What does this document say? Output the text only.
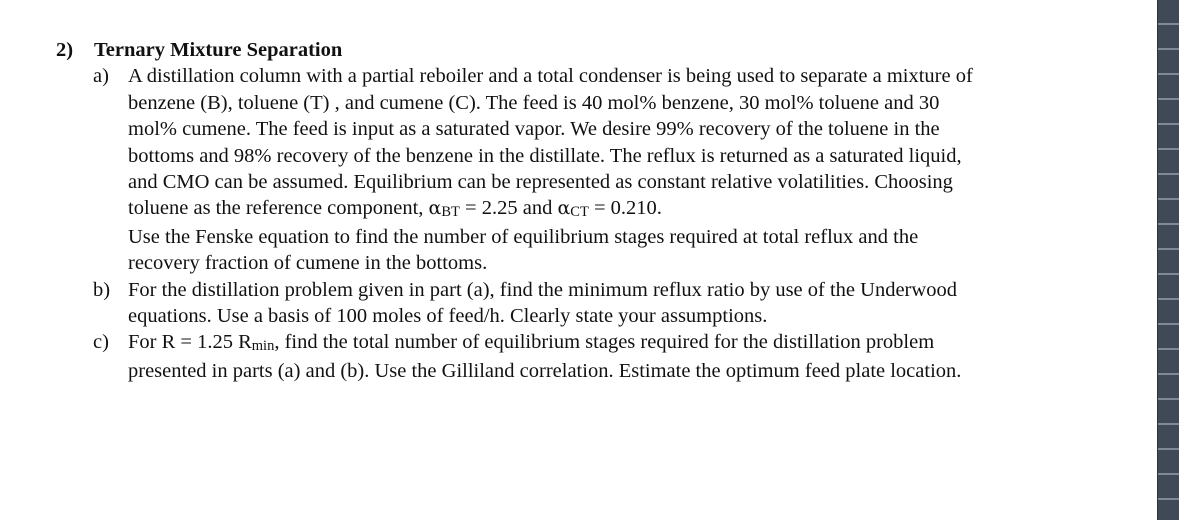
2)	Ternary Mixture Separation
a) A distillation column with a partial reboiler and a total condenser is being used to separate a mixture of
benzene (B), toluene (T) , and cumene (C). The feed is 40 mol% benzene, 30 mol% toluene and 30
mol% cumene. The feed is input as a saturated vapor. We desire 99% recovery of the toluene in the
bottoms and 98% recovery of the benzene in the distillate. The reflux is returned as a saturated liquid,
and CMO can be assumed. Equilibrium can be represented as constant relative volatilities. Choosing
toluene as the reference component, αBT = 2.25 and αCT = 0.210.
Use the Fenske equation to find the number of equilibrium stages required at total reflux and the
recovery fraction of cumene in the bottoms.
b) For the distillation problem given in part (a), find the minimum reflux ratio by use of the Underwood
equations. Use a basis of 100 moles of feed/h. Clearly state your assumptions.
c) For R = 1.25 Rmin, find the total number of equilibrium stages required for the distillation problem
presented in parts (a) and (b). Use the Gilliland correlation. Estimate the optimum feed plate location.
